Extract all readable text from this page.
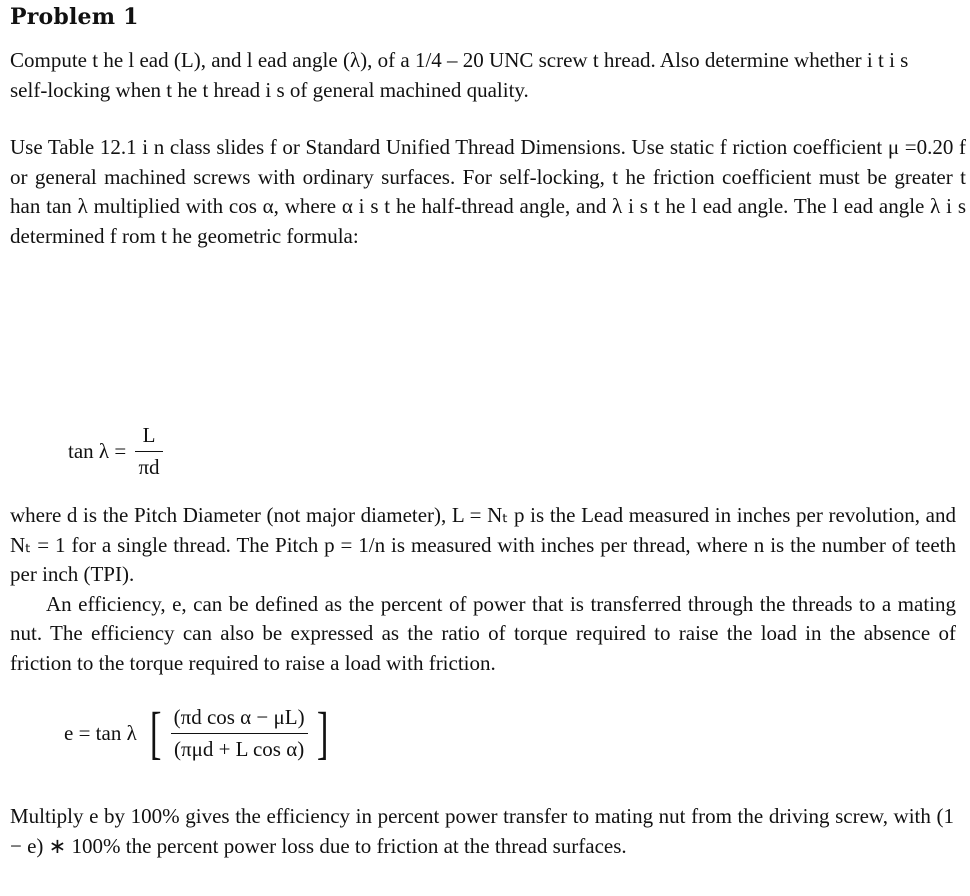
Problem 1
Compute t he l ead (L), and l ead angle (λ), of a 1/4 – 20 UNC screw t hread. Also determine whether i t i s self-locking when t he t hread i s of general machined quality.
Use Table 12.1 i n class slides f or Standard Unified Thread Dimensions. Use static f riction coefficient μ =0.20 f or general machined screws with ordinary surfaces. For self-locking, t he friction coefficient must be greater t han tan λ multiplied with cos α, where α i s t he half-thread angle, and λ i s t he l ead angle. The l ead angle λ i s determined f rom t he geometric formula:
$\tan \lambda = \frac{L}{\pi d}$
where d is the Pitch Diameter (not major diameter), L = Nₜ p is the Lead measured in inches per revolution, and Nₜ = 1 for a single thread. The Pitch p = 1/n is measured with inches per thread, where n is the number of teeth per inch (TPI).
An efficiency, e, can be defined as the percent of power that is transferred through the threads to a mating nut. The efficiency can also be expressed as the ratio of torque required to raise the load in the absence of friction to the torque required to raise a load with friction.
e = tan λ [ $\frac{\text{(πd cos α − μL)}}{\text{(πμd + L cos α)}}$ ]
Multiply e by 100% gives the efficiency in percent power transfer to mating nut from the driving screw, with (1 − e) ∗ 100% the percent power loss due to friction at the thread surfaces.
